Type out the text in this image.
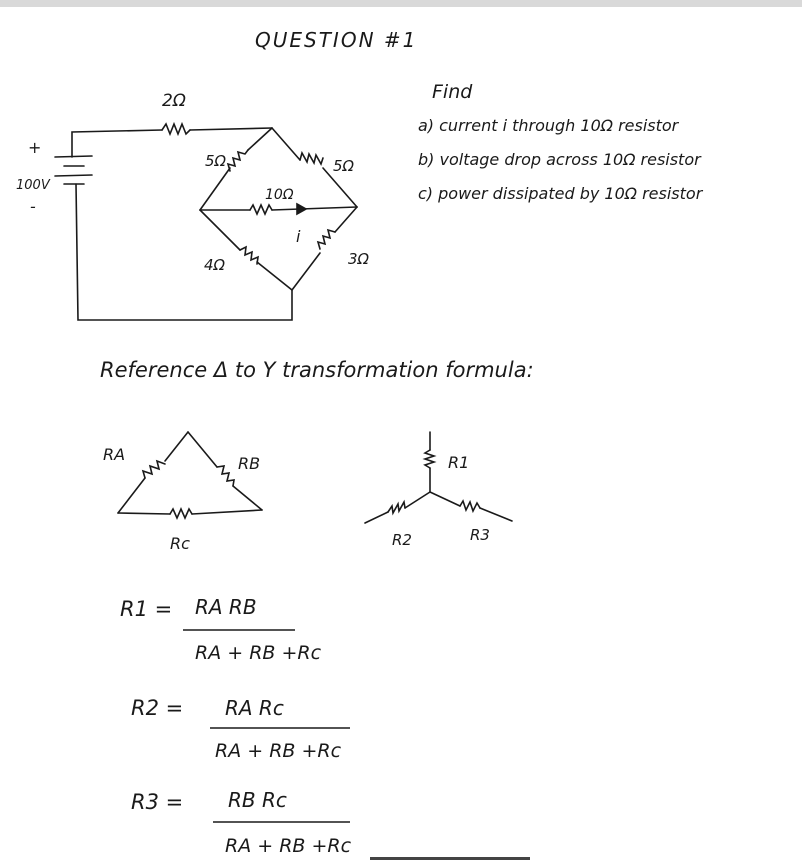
QUESTION #1
+
100V
-
2Ω
5Ω	5Ω
10Ω
i
4Ω	3Ω
Find
a) current i through 10Ω resistor
b) voltage drop across 10Ω resistor
c) power dissipated by 10Ω resistor
Reference Δ to Y transformation formula:
RA	RB
Rc
R1
R2	R3
R1 = RA RB
RA + RB +Rc
R2 = RA Rc
RA + RB +Rc
R3 = RB Rc
RA + RB +Rc
